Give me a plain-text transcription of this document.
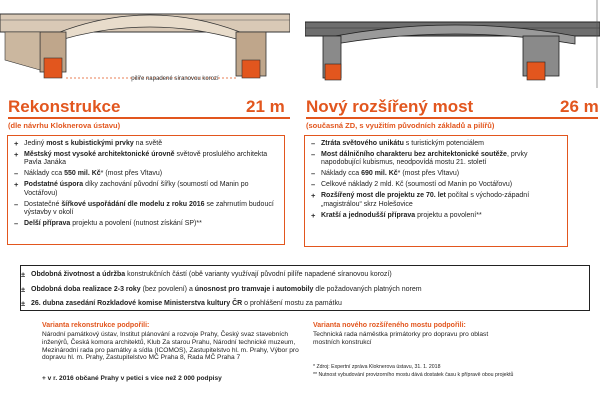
pilíře napadené síranovou korozí
Rekonstrukce	21 m
(dle návrhu Kloknerova ústavu)
Nový rozšířený most	26 m
(současná ZD, s využitím původních základů a pilířů)
+ Jediný most s kubistickými prvky na světě
+ Městský most vysoké architektonické úrovně světově proslulého architekta Pavla Janáka
– Náklady cca 550 mil. Kč* (most přes Vltavu)
+ Podstatné úspora díky zachování původní šířky (soumostí od Manin po Voctářovu)
– Dostatečné šířkové uspořádání dle modelu z roku 2016 se zahrnutím budoucí výstavby v okolí
– Delší příprava projektu a povolení (nutnost získání SP)**
– Ztráta světového unikátu s turistickým potenciálem
– Most dálničního charakteru bez architektonické soutěže, prvky napodobující kubismus, neodpovídá mostu 21. století
– Náklady cca 690 mil. Kč* (most přes Vltavu)
– Celkové náklady 2 mld. Kč (soumostí od Manin po Voctářovu)
+ Rozšířený most dle projektu ze 70. let počítal s východo-západní „magistrálou“ skrz Holešovice
+ Kratší a jednodušší příprava projektu a povolení**
± Obdobná životnost a údržba konstrukčních částí (obě varianty využívají původní pilíře napadené síranovou korozí)
± Obdobná doba realizace 2-3 roky (bez povolení) a únosnost pro tramvaje i automobily dle požadovaných platných norem
± 26. dubna zasedání Rozkladové komise Ministerstva kultury ČR o prohlášení mostu za památku
Varianta rekonstrukce podpořili:
Národní památkový ústav, Institut plánování a rozvoje Prahy, Český svaz stavebních inženýrů, Česká komora architektů, Klub Za starou Prahu, Národní technické muzeum, Mezinárodní rada pro památky a sídla (ICOMOS), Zastupitelstvo hl. m. Prahy, Výbor pro dopravu hl. m. Prahy, Zastupitelstvo MČ Praha 8, Rada MČ Praha 7
+ v r. 2016 občané Prahy v petici s více než 2 000 podpisy
Varianta nového rozšířeného mostu podpořili:
Technická rada náměstka primátorky pro dopravu pro oblast mostních konstrukcí
* Zdroj: Expertní zpráva Kloknerova ústavu, 31. 1. 2018
** Nutnost vybudování provizorního mostu dává dostatek času k přípravě obou projektů
